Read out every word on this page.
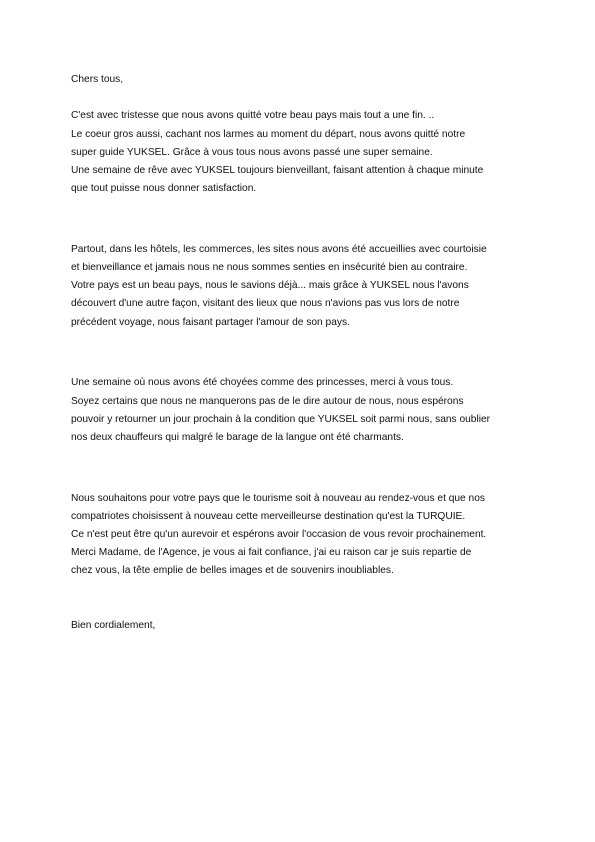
Chers tous,
C'est avec tristesse que nous avons quitté votre beau pays mais tout a une fin. ..
Le coeur gros aussi, cachant nos larmes au moment du départ, nous avons quitté notre
super guide YUKSEL. Grâce à vous tous nous avons passé une super semaine.
Une semaine de rêve avec YUKSEL toujours bienveillant, faisant attention à chaque minute
que tout puisse nous donner satisfaction.
Partout, dans les hôtels, les commerces, les sites nous avons été accueillies avec courtoisie
et bienveillance et jamais nous ne nous sommes senties en insécurité bien au contraire.
Votre pays est un beau pays, nous le savions déjà... mais grâce à YUKSEL nous l'avons
découvert d'une autre façon, visitant des lieux que nous n'avions pas vus lors de notre
précédent voyage, nous faisant partager l'amour de son pays.
Une semaine où nous avons été choyées comme des princesses, merci à vous tous.
Soyez certains que nous ne manquerons pas de le dire autour de nous, nous espérons
pouvoir y retourner un jour prochain à la condition que YUKSEL soit parmi nous, sans oublier
nos deux chauffeurs qui malgré le barage de la langue ont été charmants.
Nous souhaitons pour votre pays que le tourisme soit à nouveau au rendez-vous et que nos
compatriotes choisissent à nouveau cette merveilleurse destination qu'est la TURQUIE.
Ce n'est peut être qu'un aurevoir et espérons avoir l'occasion de vous revoir prochainement.
Merci Madame, de l'Agence, je vous ai fait confiance, j'ai eu raison car je suis repartie de
chez vous, la tête emplie de belles images et de souvenirs inoubliables.
Bien cordialement,
